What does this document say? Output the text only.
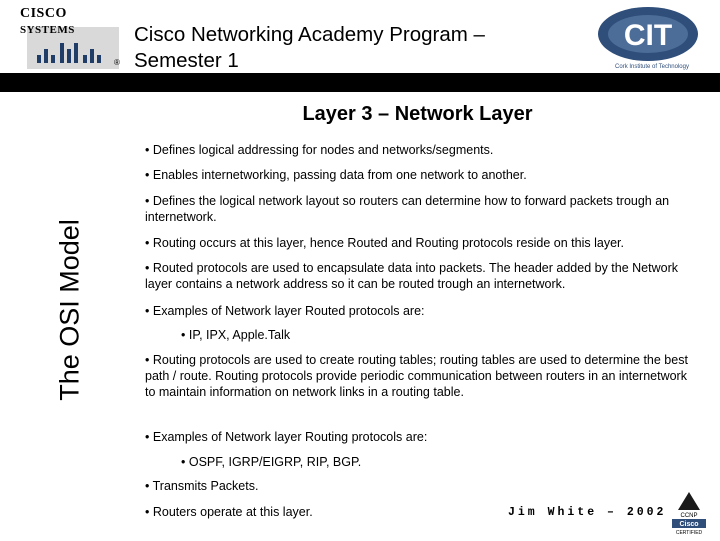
CISCO SYSTEMS
®
Cisco Networking Academy Program – Semester 1
CIT
Cork Institute of Technology
The OSI Model
Layer 3 – Network Layer
• Defines logical addressing for nodes and networks/segments.
• Enables internetworking, passing data from one network to another.
• Defines the logical network layout so routers can determine how to forward packets trough an internetwork.
• Routing occurs at this layer, hence Routed and Routing protocols reside on this layer.
• Routed protocols are used to encapsulate data into packets. The header added by the Network layer contains a network address so it can be routed trough an internetwork.
• Examples of Network layer Routed protocols are:
• IP, IPX, Apple.Talk
• Routing protocols are used to create routing tables; routing tables are used to determine the best path / route. Routing protocols provide periodic communication between routers in an internetwork to maintain information on network links in a routing table.
• Examples of Network layer Routing protocols are:
• OSPF, IGRP/EIGRP, RIP, BGP.
• Transmits Packets.
• Routers operate at this layer.	Jim White – 2002 CCNP
Cisco
CERTIFIED
